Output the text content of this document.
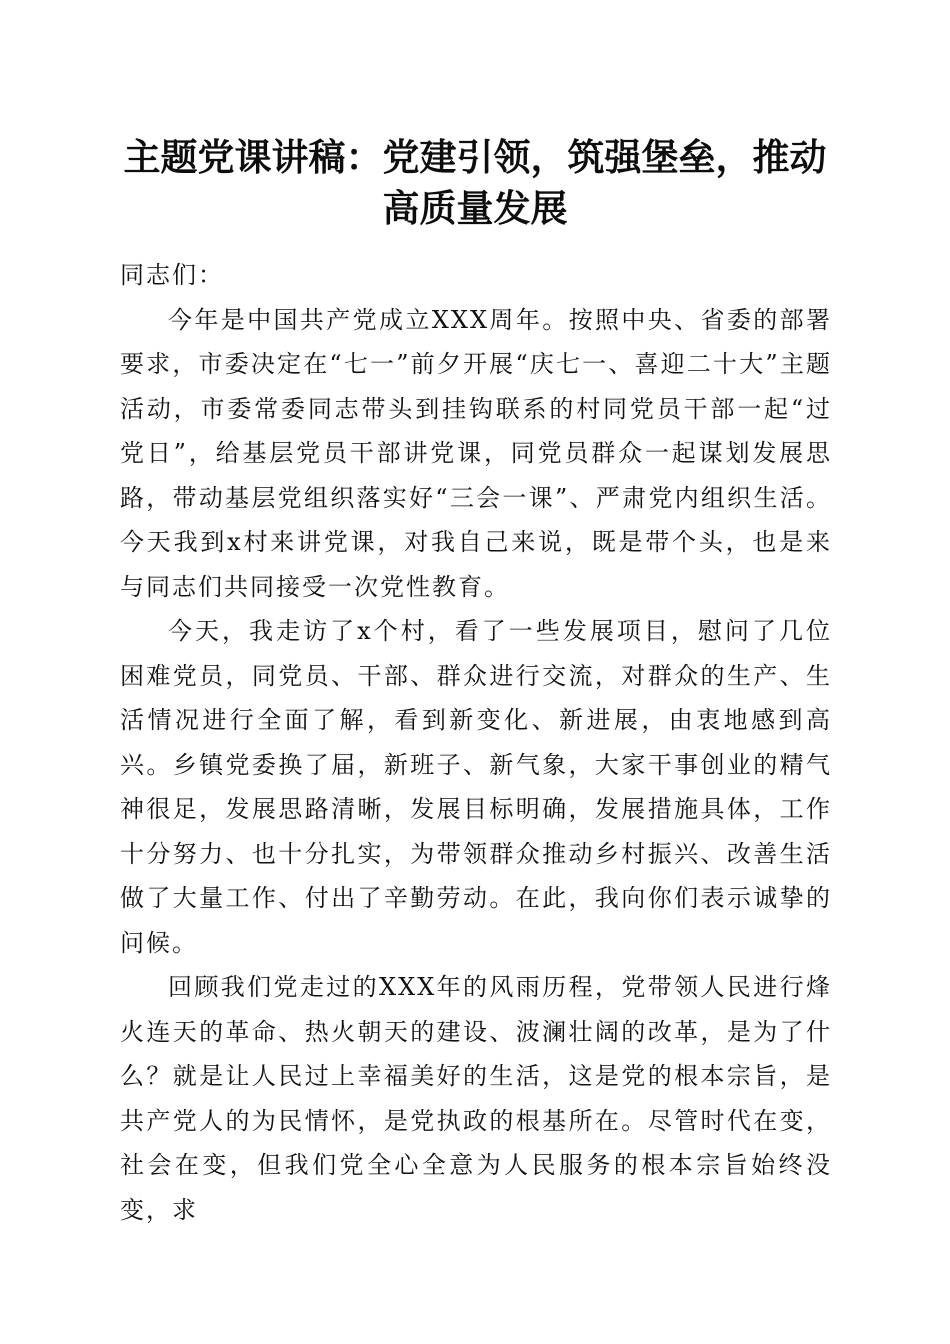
主题党课讲稿：党建引领，筑强堡垒，推动高质量发展

同志们：

今年是中国共产党成立XXX周年。按照中央、省委的部署要求，市委决定在“七一”前夕开展“庆七一、喜迎二十大”主题活动，市委常委同志带头到挂钩联系的村同党员干部一起“过党日”，给基层党员干部讲党课，同党员群众一起谋划发展思路，带动基层党组织落实好“三会一课”、严肃党内组织生活。今天我到x村来讲党课，对我自己来说，既是带个头，也是来与同志们共同接受一次党性教育。

今天，我走访了x个村，看了一些发展项目，慰问了几位困难党员，同党员、干部、群众进行交流，对群众的生产、生活情况进行全面了解，看到新变化、新进展，由衷地感到高兴。乡镇党委换了届，新班子、新气象，大家干事创业的精气神很足，发展思路清晰，发展目标明确，发展措施具体，工作十分努力、也十分扎实，为带领群众推动乡村振兴、改善生活做了大量工作、付出了辛勤劳动。在此，我向你们表示诚挚的问候。

回顾我们党走过的XXX年的风雨历程，党带领人民进行烽火连天的革命、热火朝天的建设、波澜壮阔的改革，是为了什么？就是让人民过上幸福美好的生活，这是党的根本宗旨，是共产党人的为民情怀，是党执政的根基所在。尽管时代在变，社会在变，但我们党全心全意为人民服务的根本宗旨始终没变，求
